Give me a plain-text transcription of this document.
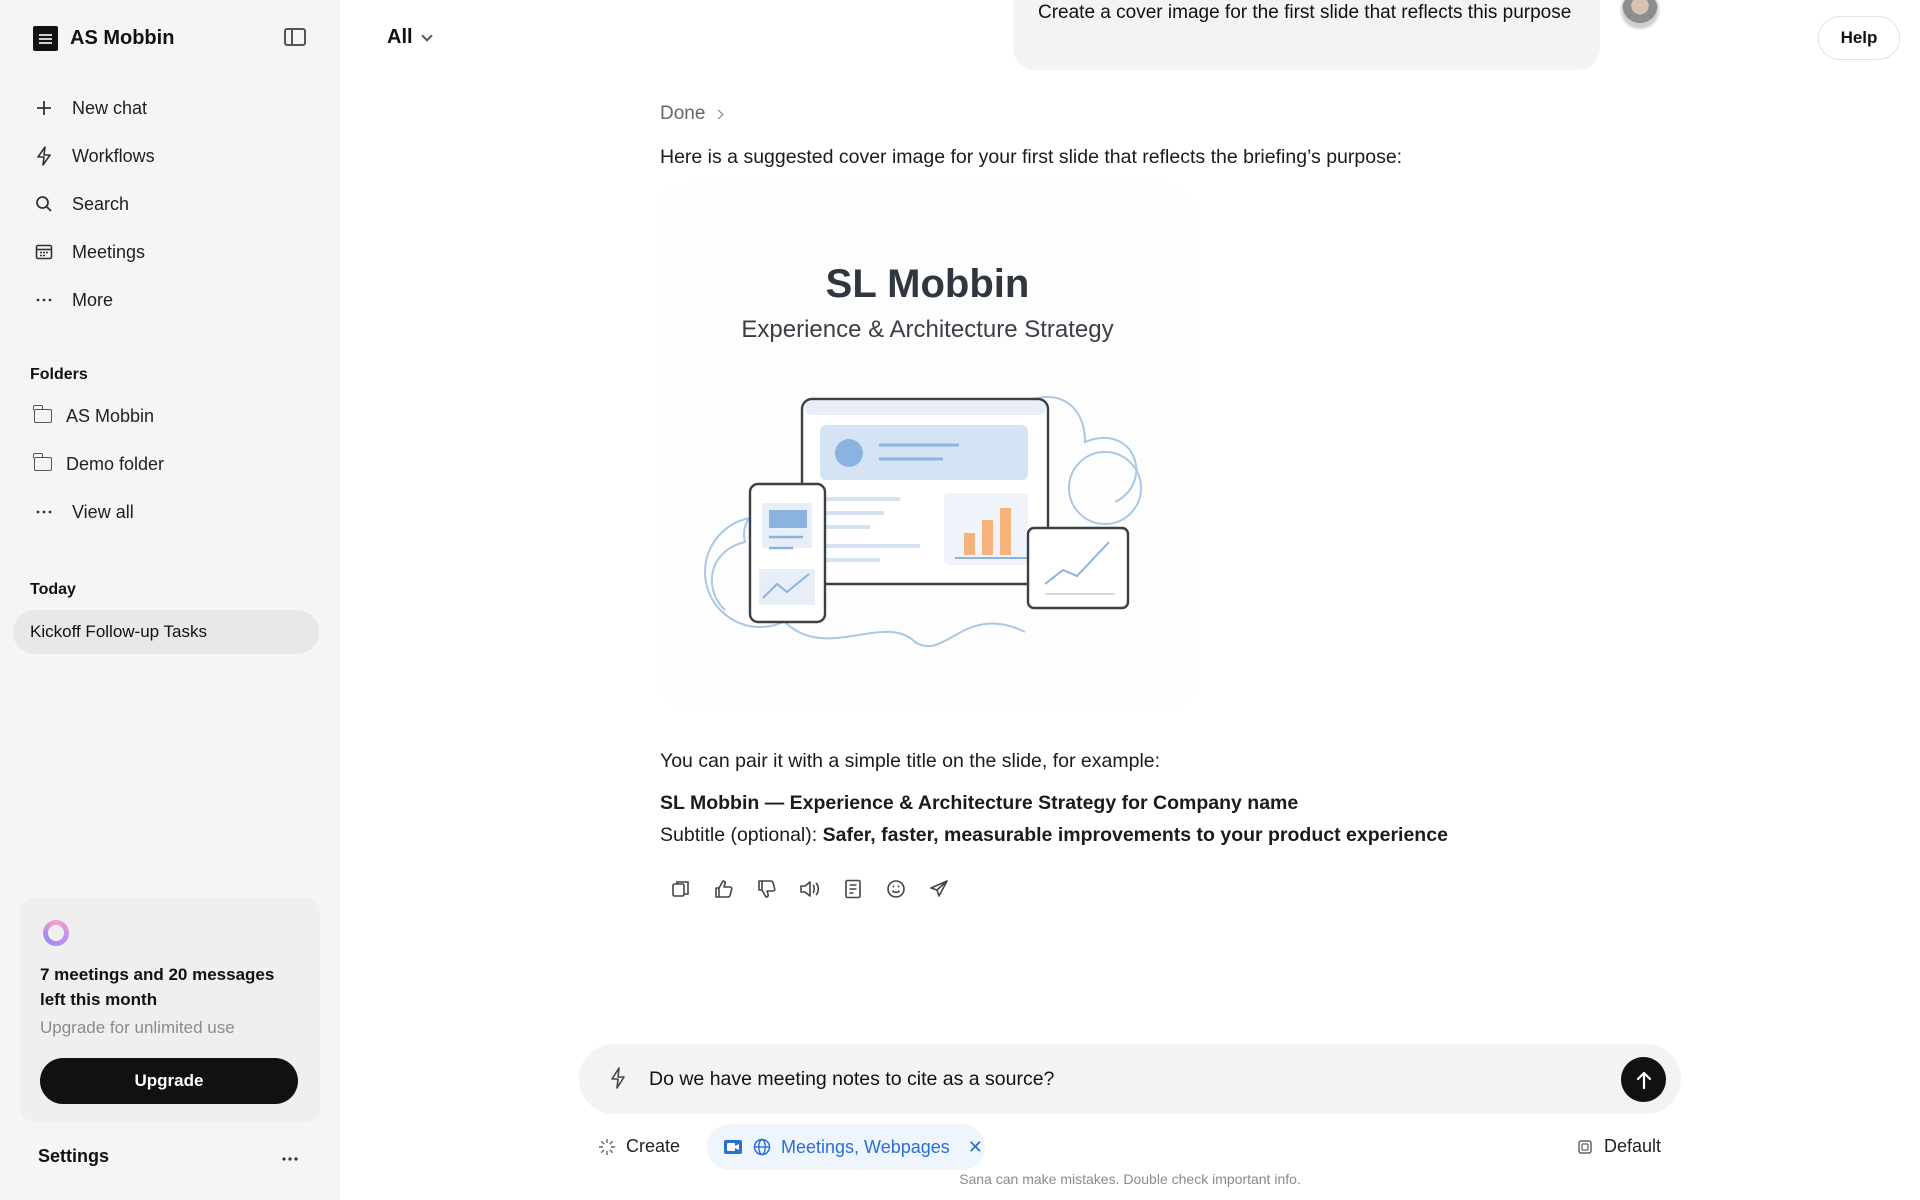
AS Mobbin
New chat
Workflows
Search
Meetings
More
Folders
AS Mobbin
Demo folder
View all
Today
Kickoff Follow-up Tasks
7 meetings and 20 messages left this month
Upgrade for unlimited use
Upgrade
Settings
All	Help
Create a cover image for the first slide that reflects this purpose
Done
Here is a suggested cover image for your first slide that reflects the briefing’s purpose:
SL Mobbin
Experience & Architecture Strategy
You can pair it with a simple title on the slide, for example:
SL Mobbin — Experience & Architecture Strategy for Company name
Subtitle (optional): Safer, faster, measurable improvements to your product experience
Do we have meeting notes to cite as a source?
Create	Meetings, Webpages ✕	Default
Sana can make mistakes. Double check important info.
